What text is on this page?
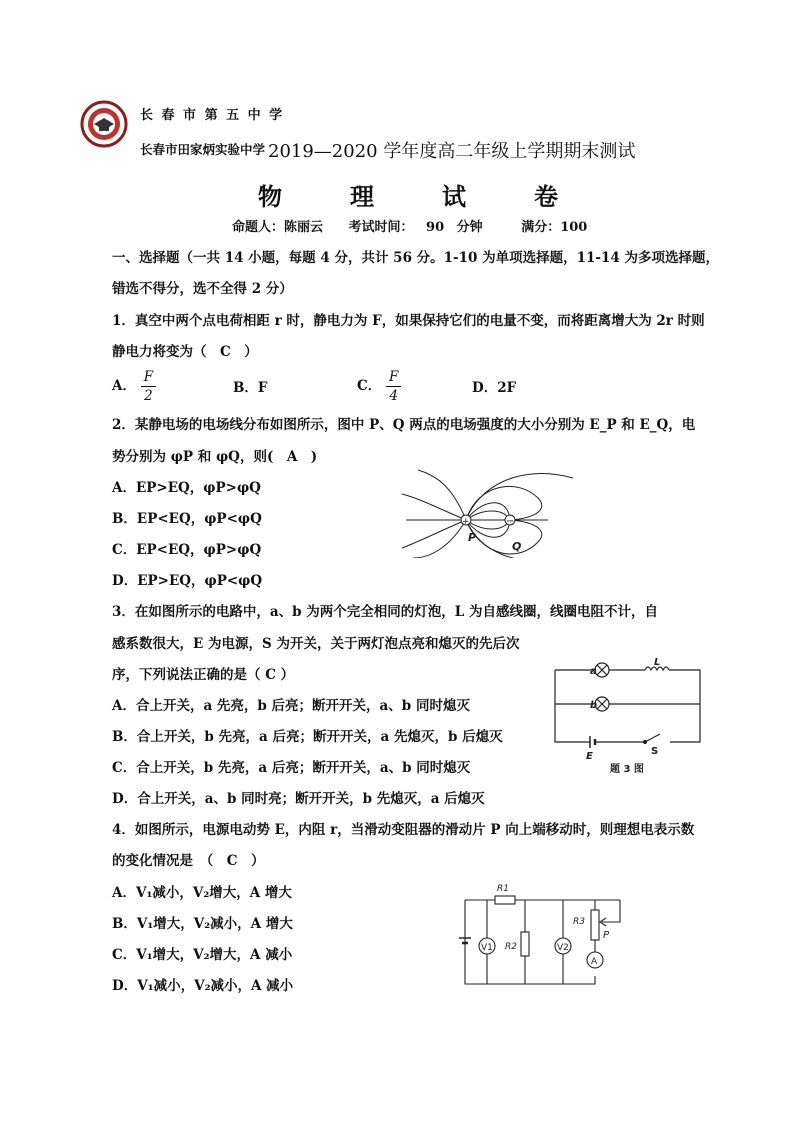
长 春 市 第 五 中 学
长春市田家炳实验中学 2019—2020 学年度高二年级上学期期末测试
物	理	试	卷
命题人：陈丽云　 考试时间： 90 分钟　　 满分：100
一、选择题（一共 14 小题，每题 4 分，共计 56 分。1-10 为单项选择题，11-14 为多项选择题，
错选不得分，选不全得 2 分）
1．真空中两个点电荷相距 r 时，静电力为 F，如果保持它们的电量不变，而将距离增大为 2r 时则
静电力将变为（　C　）
A． $\frac{F}{2}$	B．F	C． $\frac{F}{4}$	D．2F
2．某静电场的电场线分布如图所示，图中 P、Q 两点的电场强度的大小分别为 E_P 和 E_Q，电
势分别为 φP 和 φQ，则(　A　)
A．EP>EQ，φP>φQ
B．EP<EQ，φP<φQ
C．EP<EQ，φP>φQ
D．EP>EQ，φP<φQ
+	−
P
Q
3．在如图所示的电路中，a、b 为两个完全相同的灯泡，L 为自感线圈，线圈电阻不计，自
感系数很大，E 为电源，S 为开关，关于两灯泡点亮和熄灭的先后次
序，下列说法正确的是（ C ）
A．合上开关，a 先亮，b 后亮；断开开关，a、b 同时熄灭
B．合上开关，b 先亮，a 后亮；断开开关，a 先熄灭，b 后熄灭
C．合上开关，b 先亮，a 后亮；断开开关，a、b 同时熄灭
D．合上开关，a、b 同时亮；断开开关，b 先熄灭，a 后熄灭
a
b
L
E	S
题 3 图
4．如图所示，电源电动势 E，内阻 r，当滑动变阻器的滑动片 P 向上端移动时，则理想电表示数
的变化情况是　（　C　）
A．V₁减小，V₂增大，A 增大
B．V₁增大，V₂减小，A 增大
C．V₁增大，V₂增大，A 减小
D．V₁减小，V₂减小，A 减小
V1	V2
A
R1
R2
R3
P
